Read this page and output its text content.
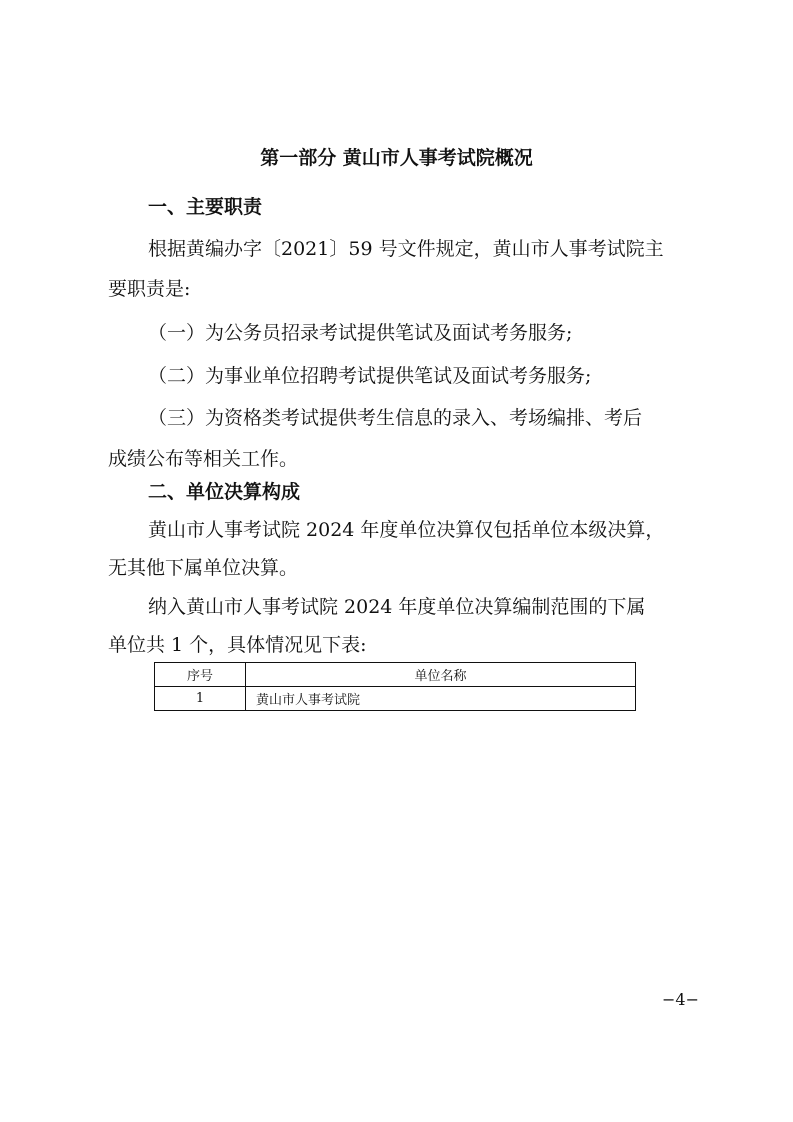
第一部分 黄山市人事考试院概况
一、主要职责
根据黄编办字〔2021〕59 号文件规定，黄山市人事考试院主
要职责是:
（一）为公务员招录考试提供笔试及面试考务服务;
（二）为事业单位招聘考试提供笔试及面试考务服务;
（三）为资格类考试提供考生信息的录入、考场编排、考后
成绩公布等相关工作。
二、单位决算构成
黄山市人事考试院 2024 年度单位决算仅包括单位本级决算，
无其他下属单位决算。
纳入黄山市人事考试院 2024 年度单位决算编制范围的下属
单位共 1 个，具体情况见下表:
序号	单位名称
1	黄山市人事考试院
−4−
